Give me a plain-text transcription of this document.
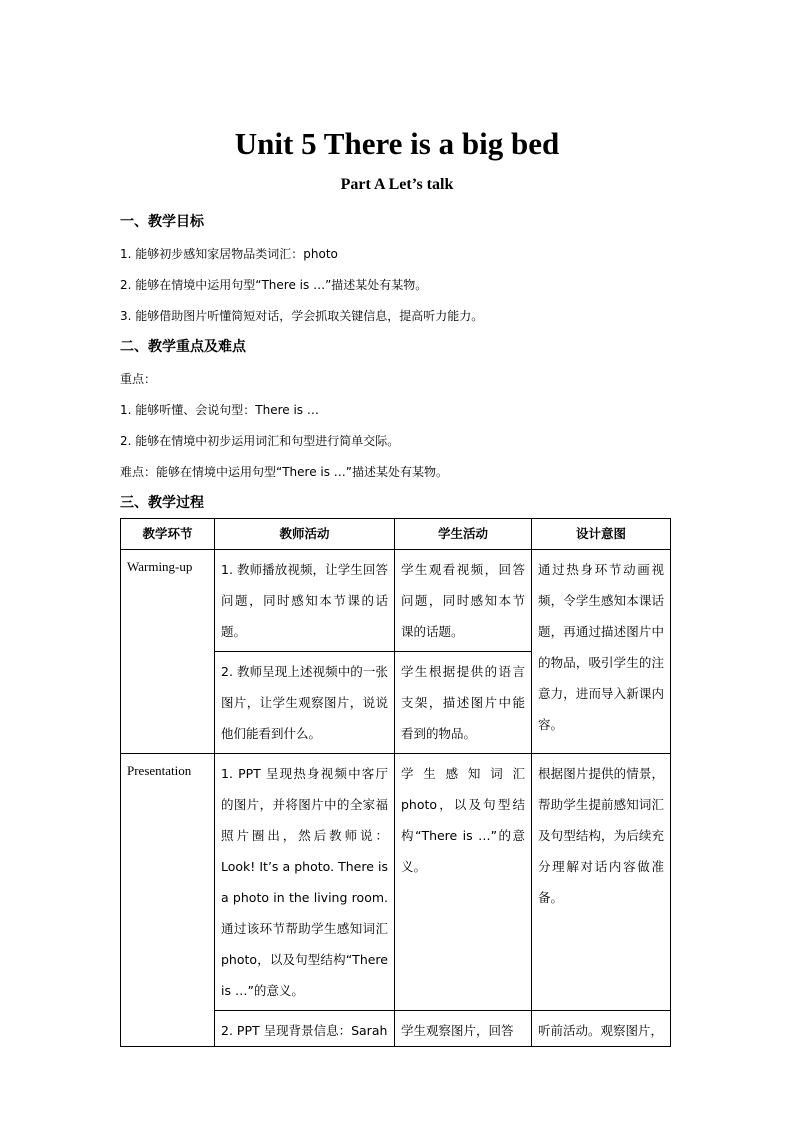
Unit 5 There is a big bed
Part A Let’s talk
一、教学目标
1. 能够初步感知家居物品类词汇：photo
2. 能够在情境中运用句型“There is …”描述某处有某物。
3. 能够借助图片听懂简短对话，学会抓取关键信息，提高听力能力。
二、教学重点及难点
重点：
1. 能够听懂、会说句型：There is …
2. 能够在情境中初步运用词汇和句型进行简单交际。
难点：能够在情境中运用句型“There is …”描述某处有某物。
三、教学过程
教学环节	教师活动	学生活动	设计意图
Warming-up	1. 教师播放视频，让学生回答问题，同时感知本节课的话题。	学生观看视频，回答问题，同时感知本节课的话题。	通过热身环节动画视频，令学生感知本课话题，再通过描述图片中的物品，吸引学生的注意力，进而导入新课内容。
	2. 教师呈现上述视频中的一张图片，让学生观察图片，说说他们能看到什么。	学生根据提供的语言支架，描述图片中能看到的物品。	
Presentation	1. PPT 呈现热身视频中客厅的图片，并将图片中的全家福照片圈出，然后教师说：Look! It’s a photo. There is a photo in the living room. 通过该环节帮助学生感知词汇 photo，以及句型结构“There is …”的意义。	学生感知词汇 photo，以及句型结构“There is …”的意义。	根据图片提供的情景，帮助学生提前感知词汇及句型结构，为后续充分理解对话内容做准备。
	2. PPT 呈现背景信息：Sarah	学生观察图片，回答	听前活动。观察图片，
